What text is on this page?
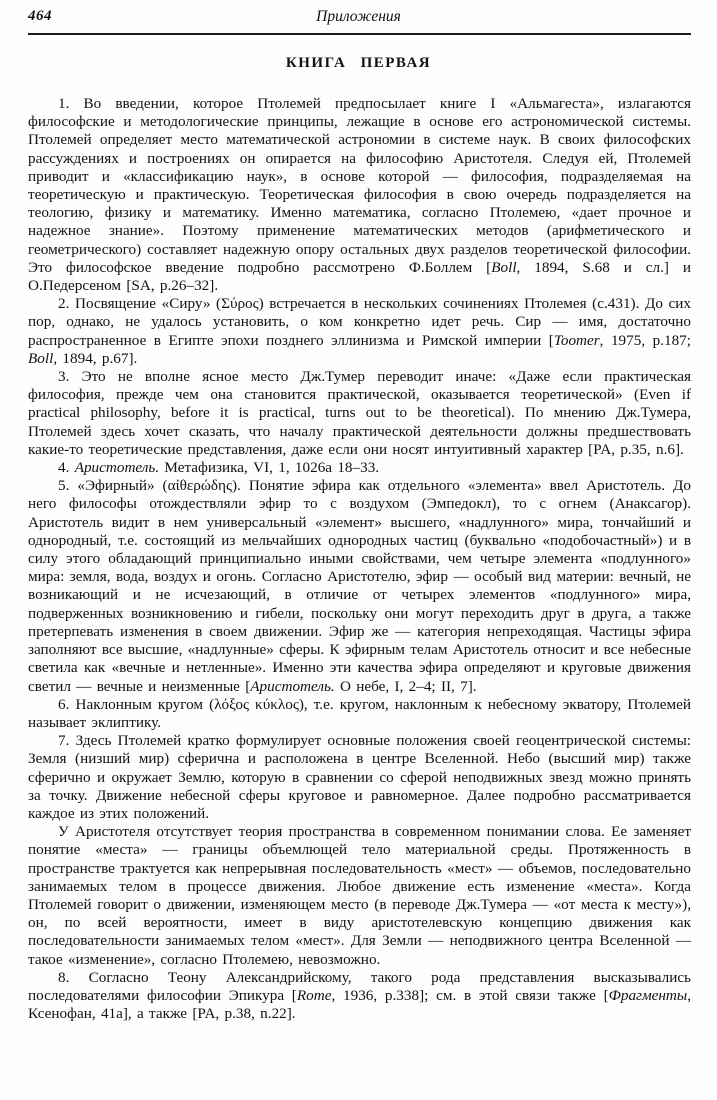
464	Приложения
КНИГА ПЕРВАЯ

1. Во введении, которое Птолемей предпосылает книге I «Альмагеста», излагаются философские и методологические принципы, лежащие в основе его астрономической системы. Птолемей определяет место математической астрономии в системе наук. В своих философских рассуждениях и построениях он опирается на философию Аристотеля. Следуя ей, Птолемей приводит и «классификацию наук», в основе которой — философия, подразделяемая на теоретическую и практическую. Теоретическая философия в свою очередь подразделяется на теологию, физику и математику. Именно математика, согласно Птолемею, «дает прочное и надежное знание». Поэтому применение математических методов (арифметического и геометрического) составляет надежную опору остальных двух разделов теоретической философии. Это философское введение подробно рассмотрено Ф.Боллем [Boll, 1894, S.68 и сл.] и О.Педерсеном [SA, p.26–32].

2. Посвящение «Сиру» (Σύρος) встречается в нескольких сочинениях Птолемея (с.431). До сих пор, однако, не удалось установить, о ком конкретно идет речь. Сир — имя, достаточно распространенное в Египте эпохи позднего эллинизма и Римской империи [Toomer, 1975, p.187; Boll, 1894, p.67].

3. Это не вполне ясное место Дж.Тумер переводит иначе: «Даже если практическая философия, прежде чем она становится практической, оказывается теоретической» (Even if practical philosophy, before it is practical, turns out to be theoretical). По мнению Дж.Тумера, Птолемей здесь хочет сказать, что началу практической деятельности должны предшествовать какие-то теоретические представления, даже если они носят интуитивный характер [PA, p.35, n.6].

4. Аристотель. Метафизика, VI, 1, 1026a 18–33.

5. «Эфирный» (αἰθερώδης). Понятие эфира как отдельного «элемента» ввел Аристотель. До него философы отождествляли эфир то с воздухом (Эмпедокл), то с огнем (Анаксагор). Аристотель видит в нем универсальный «элемент» высшего, «надлунного» мира, тончайший и однородный, т.е. состоящий из мельчайших однородных частиц (буквально «подобочастный») и в силу этого обладающий принципиально иными свойствами, чем четыре элемента «подлунного» мира: земля, вода, воздух и огонь. Согласно Аристотелю, эфир — особый вид материи: вечный, не возникающий и не исчезающий, в отличие от четырех элементов «подлунного» мира, подверженных возникновению и гибели, поскольку они могут переходить друг в друга, а также претерпевать изменения в своем движении. Эфир же — категория непреходящая. Частицы эфира заполняют все высшие, «надлунные» сферы. К эфирным телам Аристотель относит и все небесные светила как «вечные и нетленные». Именно эти качества эфира определяют и круговые движения светил — вечные и неизменные [Аристотель. О небе, I, 2–4; II, 7].

6. Наклонным кругом (λόξος κύκλος), т.е. кругом, наклонным к небесному экватору, Птолемей называет эклиптику.

7. Здесь Птолемей кратко формулирует основные положения своей геоцентрической системы: Земля (низший мир) сферична и расположена в центре Вселенной. Небо (высший мир) также сферично и окружает Землю, которую в сравнении со сферой неподвижных звезд можно принять за точку. Движение небесной сферы круговое и равномерное. Далее подробно рассматривается каждое из этих положений.

У Аристотеля отсутствует теория пространства в современном понимании слова. Ее заменяет понятие «места» — границы объемлющей тело материальной среды. Протяженность в пространстве трактуется как непрерывная последовательность «мест» — объемов, последовательно занимаемых телом в процессе движения. Любое движение есть изменение «места». Когда Птолемей говорит о движении, изменяющем место (в переводе Дж.Тумера — «от места к месту»), он, по всей вероятности, имеет в виду аристотелевскую концепцию движения как последовательности занимаемых телом «мест». Для Земли — неподвижного центра Вселенной — такое «изменение», согласно Птолемею, невозможно.

8. Согласно Теону Александрийскому, такого рода представления высказывались последователями философии Эпикура [Rome, 1936, p.338]; см. в этой связи также [Фрагменты, Ксенофан, 41а], а также [PA, p.38, n.22].
